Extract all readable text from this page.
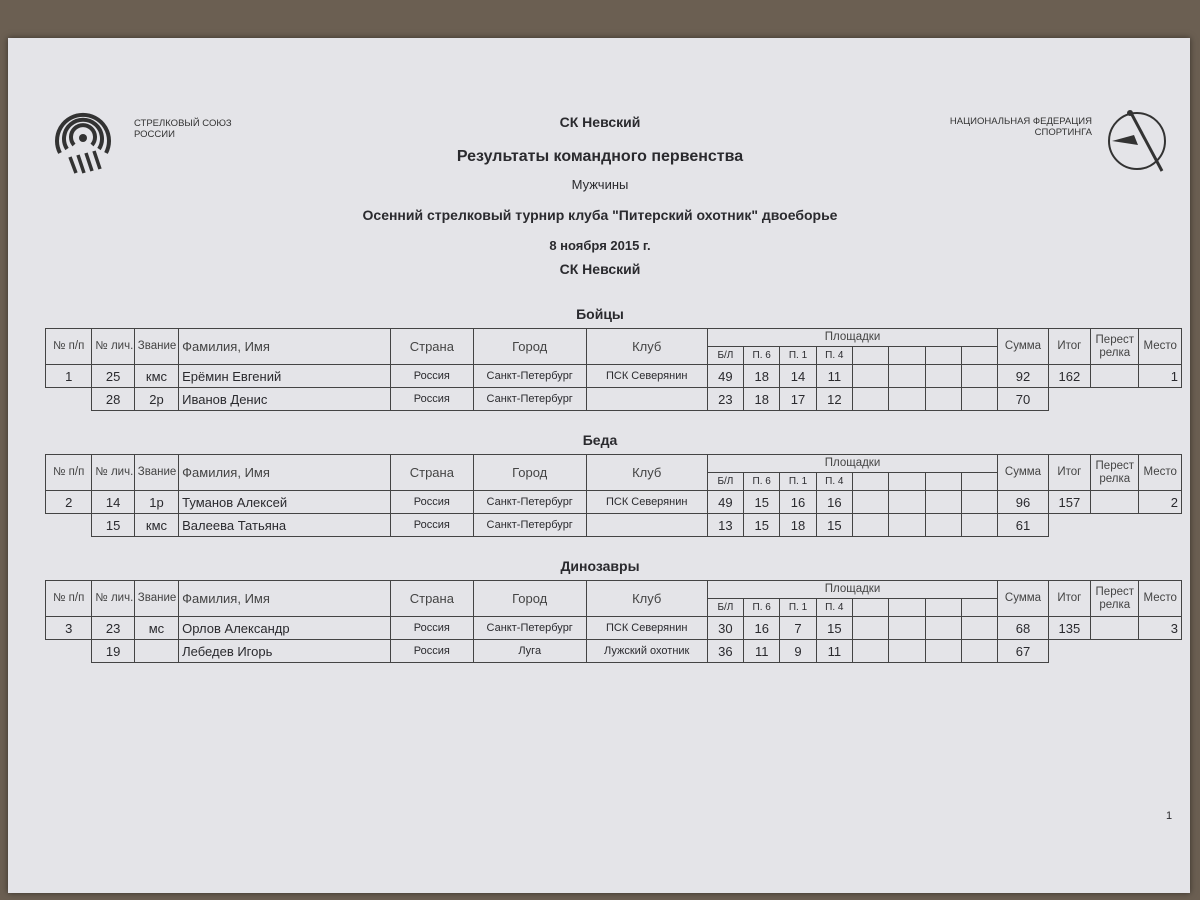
СТРЕЛКОВЫЙ СОЮЗ
РОССИИ
НАЦИОНАЛЬНАЯ ФЕДЕРАЦИЯ
СПОРТИНГА
СК Невский
Результаты командного первенства
Мужчины
Осенний стрелковый турнир клуба "Питерский охотник" двоеборье
8 ноября 2015 г.
СК Невский
Бойцы
№ п/п	№ лич.	Звание	Фамилия, Имя	Страна	Город	Клуб	Площадки								Сумма	Итог	Перестрелка	Место
							Б/Л	П. 6	П. 1	П. 4								
1	25	кмс	Ерёмин Евгений	Россия	Санкт-Петербург	ПСК Северянин	49	18	14	11					92	162		1
	28	2р	Иванов Денис	Россия	Санкт-Петербург		23	18	17	12					70			
Беда
№ п/п	№ лич.	Звание	Фамилия, Имя	Страна	Город	Клуб	Площадки								Сумма	Итог	Перестрелка	Место
							Б/Л	П. 6	П. 1	П. 4								
2	14	1р	Туманов Алексей	Россия	Санкт-Петербург	ПСК Северянин	49	15	16	16					96	157		2
	15	кмс	Валеева Татьяна	Россия	Санкт-Петербург		13	15	18	15					61			
Динозавры
№ п/п	№ лич.	Звание	Фамилия, Имя	Страна	Город	Клуб	Площадки								Сумма	Итог	Перестрелка	Место
							Б/Л	П. 6	П. 1	П. 4								
3	23	мс	Орлов Александр	Россия	Санкт-Петербург	ПСК Северянин	30	16	7	15					68	135		3
	19		Лебедев Игорь	Россия	Луга	Лужский охотник	36	11	9	11					67			
1
